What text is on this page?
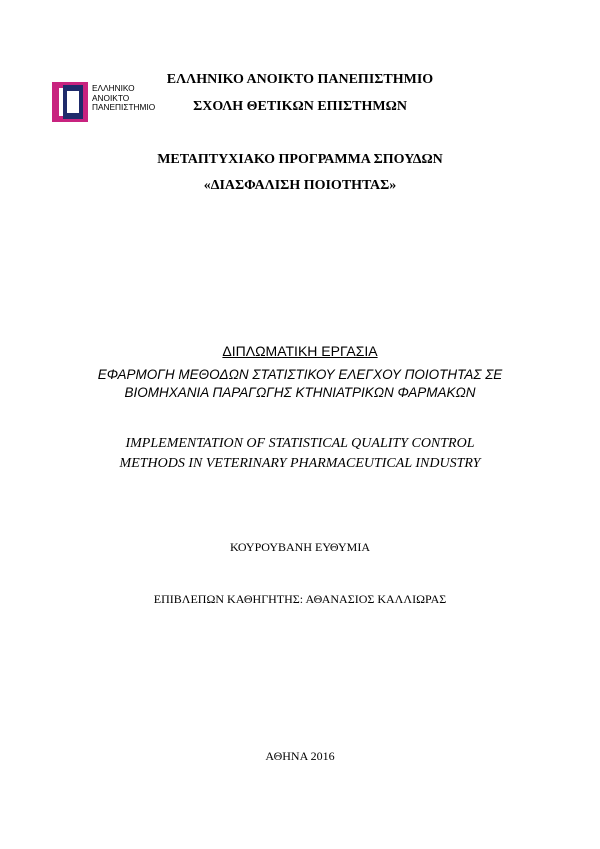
ΕΛΛΗΝΙΚΟ
ΑΝΟΙΚΤΟ
ΠΑΝΕΠΙΣΤΗΜΙΟ
ΕΛΛΗΝΙΚΟ ΑΝΟΙΚΤΟ ΠΑΝΕΠΙΣΤΗΜΙΟ
ΣΧΟΛΗ ΘΕΤΙΚΩΝ ΕΠΙΣΤΗΜΩΝ
ΜΕΤΑΠΤΥΧΙΑΚΟ ΠΡΟΓΡΑΜΜΑ ΣΠΟΥΔΩΝ
«ΔΙΑΣΦΑΛΙΣΗ ΠΟΙΟΤΗΤΑΣ»
ΔΙΠΛΩΜΑΤΙΚΗ ΕΡΓΑΣΙΑ
ΕΦΑΡΜΟΓΗ ΜΕΘΟΔΩΝ ΣΤΑΤΙΣΤΙΚΟΥ ΕΛΕΓΧΟΥ ΠΟΙΟΤΗΤΑΣ ΣΕ
ΒΙΟΜΗΧΑΝΙΑ ΠΑΡΑΓΩΓΗΣ ΚΤΗΝΙΑΤΡΙΚΩΝ ΦΑΡΜΑΚΩΝ
IMPLEMENTATION OF STATISTICAL QUALITY CONTROL
METHODS IN VETERINARY PHARMACEUTICAL INDUSTRY
ΚΟΥΡΟΥΒΑΝΗ ΕΥΘΥΜΙΑ
ΕΠΙΒΛΕΠΩΝ ΚΑΘΗΓΗΤΗΣ: ΑΘΑΝΑΣΙΟΣ ΚΑΛΛΙΩΡΑΣ
ΑΘΗΝΑ 2016
